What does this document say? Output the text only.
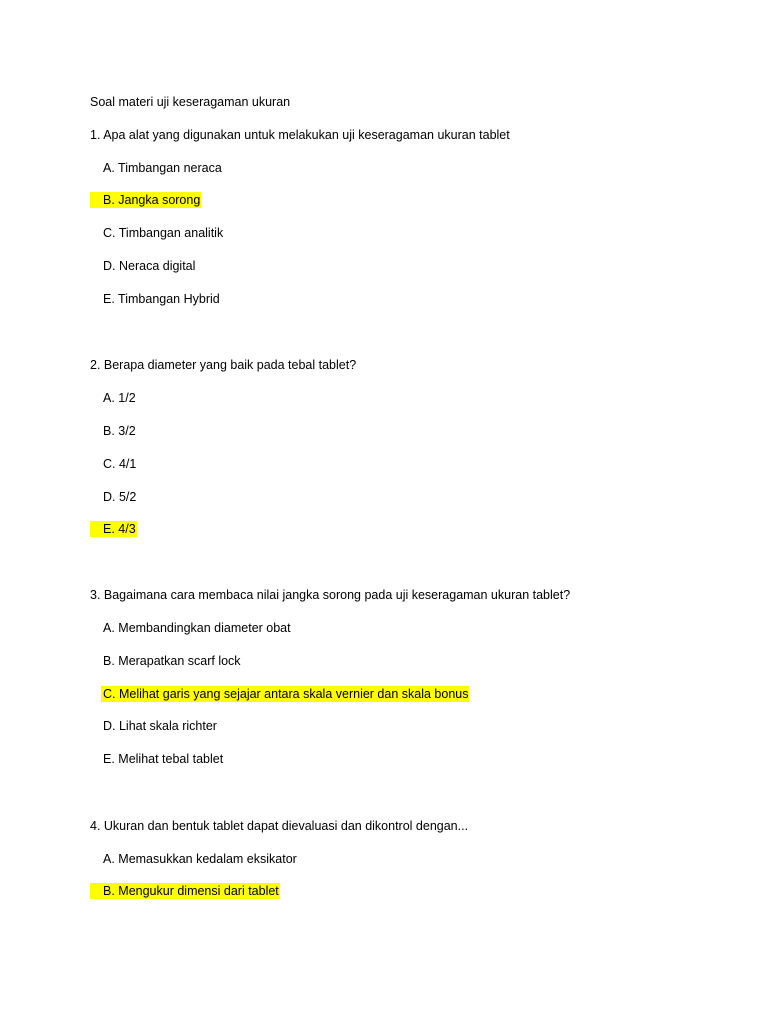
Soal materi uji keseragaman ukuran
1. Apa alat yang digunakan untuk melakukan uji keseragaman ukuran tablet
A. Timbangan neraca
B. Jangka sorong
C. Timbangan analitik
D. Neraca digital
E. Timbangan Hybrid
2. Berapa diameter yang baik pada tebal tablet?
A. 1/2
B. 3/2
C. 4/1
D. 5/2
E. 4/3
3. Bagaimana cara membaca nilai jangka sorong pada uji keseragaman ukuran tablet?
A. Membandingkan diameter obat
B. Merapatkan scarf lock
C. Melihat garis yang sejajar antara skala vernier dan skala bonus
D. Lihat skala richter
E. Melihat tebal tablet
4. Ukuran dan bentuk tablet dapat dievaluasi dan dikontrol dengan...
A. Memasukkan kedalam eksikator
B. Mengukur dimensi dari tablet
